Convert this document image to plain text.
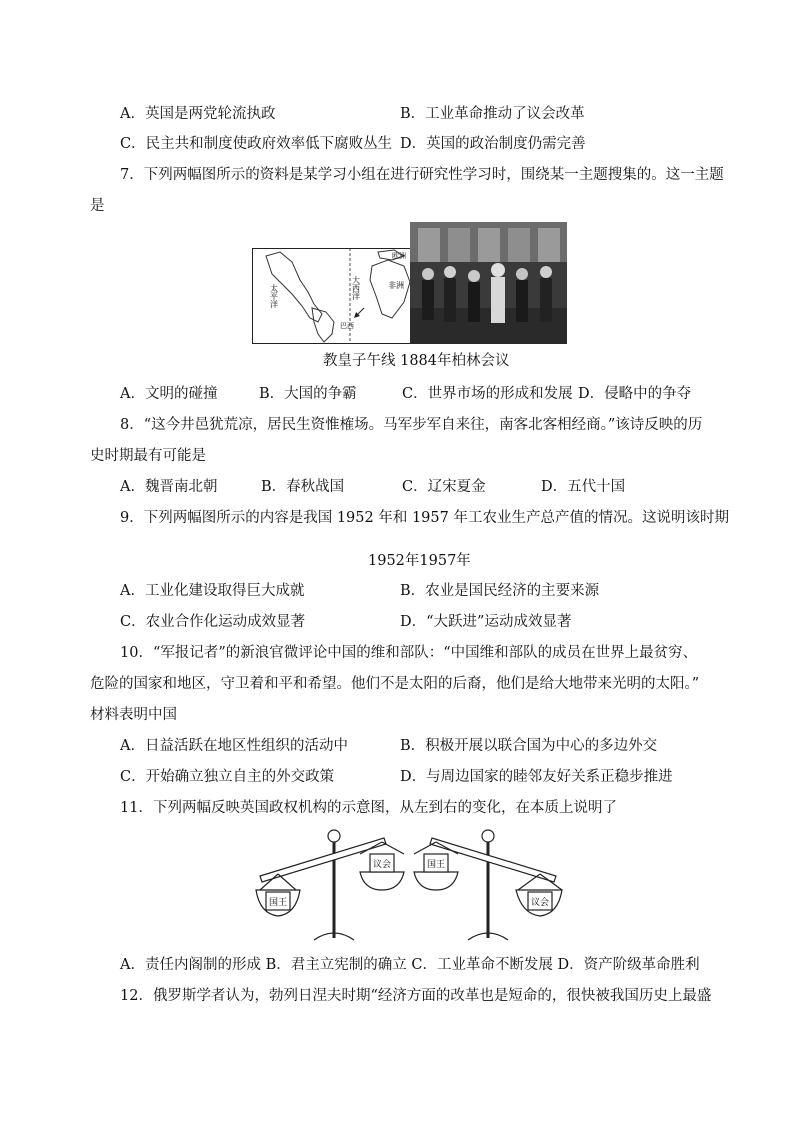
A．英国是两党轮流执政	B．工业革命推动了议会改革
C．民主共和制度使政府效率低下腐败丛生 D．英国的政治制度仍需完善
7．下列两幅图所示的资料是某学习小组在进行研究性学习时，围绕某一主题搜集的。这一主题
是
太平洋	大西洋	非洲
欧洲
巴西
教皇子午线 1884年柏林会议
A．文明的碰撞	B．大国的争霸	C．世界市场的形成和发展 D．侵略中的争夺
8．“这今井邑犹荒凉，居民生资惟榷场。马军步军自来往，南客北客相经商。”该诗反映的历
史时期最有可能是
A．魏晋南北朝	B．春秋战国	C．辽宋夏金	D．五代十国
9．下列两幅图所示的内容是我国 1952 年和 1957 年工农业生产总产值的情况。这说明该时期
1952年1957年
A．工业化建设取得巨大成就	B．农业是国民经济的主要来源
C．农业合作化运动成效显著	D．“大跃进”运动成效显著
10．“军报记者”的新浪官微评论中国的维和部队：“中国维和部队的成员在世界上最贫穷、
危险的国家和地区，守卫着和平和希望。他们不是太阳的后裔，他们是给大地带来光明的太阳。”
材料表明中国
A．日益活跃在地区性组织的活动中	B．积极开展以联合国为中心的多边外交
C．开始确立独立自主的外交政策	D．与周边国家的睦邻友好关系正稳步推进
11．下列两幅反映英国政权机构的示意图，从左到右的变化，在本质上说明了
议会
国王
国王
议会
A．责任内阁制的形成 B．君主立宪制的确立 C．工业革命不断发展 D．资产阶级革命胜利
12．俄罗斯学者认为，勃列日涅夫时期“经济方面的改革也是短命的，很快被我国历史上最盛
